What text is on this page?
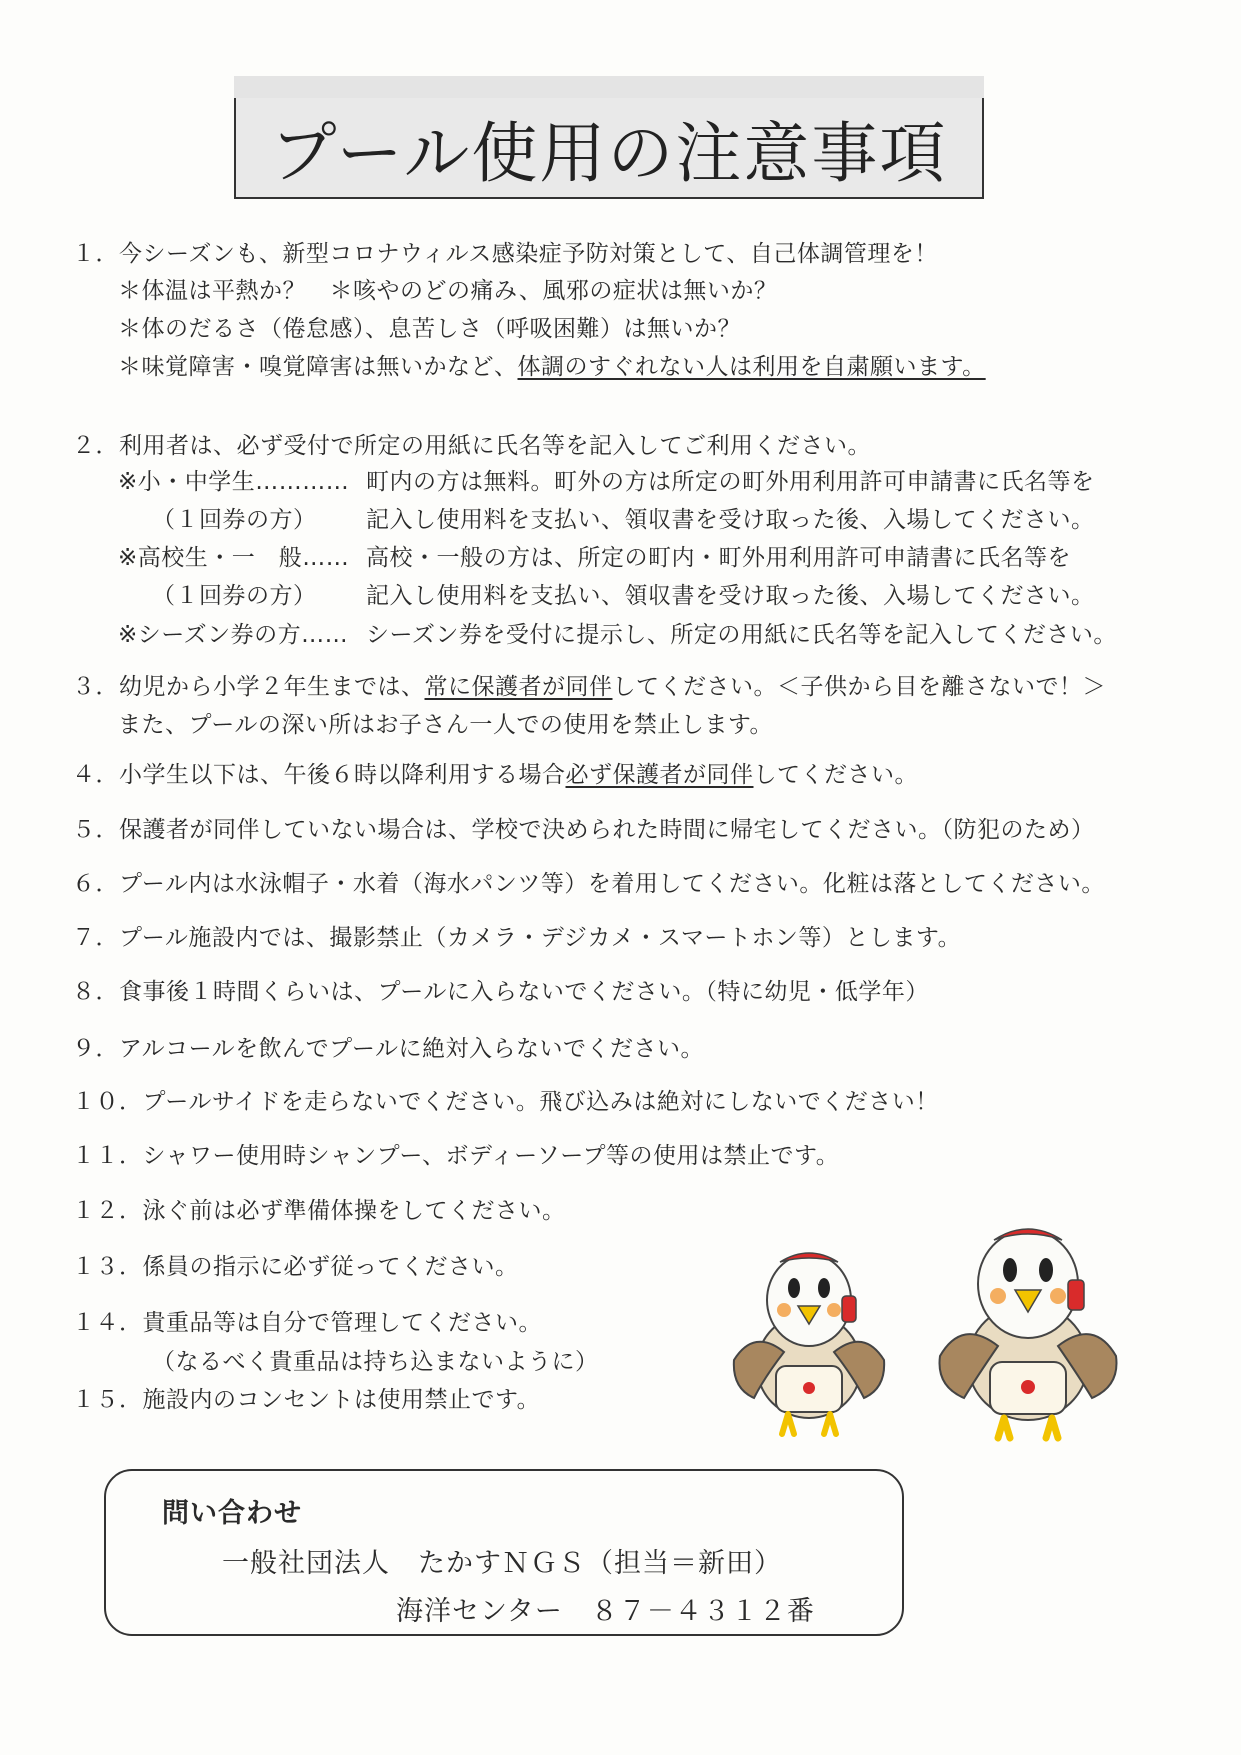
プール使用の注意事項
１．今シーズンも、新型コロナウィルス感染症予防対策として、自己体調管理を！
＊体温は平熱か？　＊咳やのどの痛み、風邪の症状は無いか？
＊体のだるさ（倦怠感）、息苦しさ（呼吸困難）は無いか？
＊味覚障害・嗅覚障害は無いかなど、体調のすぐれない人は利用を自粛願います。
２．利用者は、必ず受付で所定の用紙に氏名等を記入してご利用ください。
※小・中学生………… 町内の方は無料。町外の方は所定の町外用利用許可申請書に氏名等を
（１回券の方） 記入し使用料を支払い、領収書を受け取った後、入場してください。
※高校生・一　般…… 高校・一般の方は、所定の町内・町外用利用許可申請書に氏名等を
（１回券の方） 記入し使用料を支払い、領収書を受け取った後、入場してください。
※シーズン券の方…… シーズン券を受付に提示し、所定の用紙に氏名等を記入してください。
３．幼児から小学２年生までは、常に保護者が同伴してください。＜子供から目を離さないで！＞
また、プールの深い所はお子さん一人での使用を禁止します。
４．小学生以下は、午後６時以降利用する場合必ず保護者が同伴してください。
５．保護者が同伴していない場合は、学校で決められた時間に帰宅してください。（防犯のため）
６．プール内は水泳帽子・水着（海水パンツ等）を着用してください。化粧は落としてください。
７．プール施設内では、撮影禁止（カメラ・デジカメ・スマートホン等）とします。
８．食事後１時間くらいは、プールに入らないでください。（特に幼児・低学年）
９．アルコールを飲んでプールに絶対入らないでください。
１０．プールサイドを走らないでください。飛び込みは絶対にしないでください！
１１．シャワー使用時シャンプー、ボディーソープ等の使用は禁止です。
１２．泳ぐ前は必ず準備体操をしてください。
１３．係員の指示に必ず従ってください。
１４．貴重品等は自分で管理してください。
（なるべく貴重品は持ち込まないように）
１５．施設内のコンセントは使用禁止です。
問い合わせ
一般社団法人　たかすＮＧＳ（担当＝新田）
海洋センター　８７－４３１２番
